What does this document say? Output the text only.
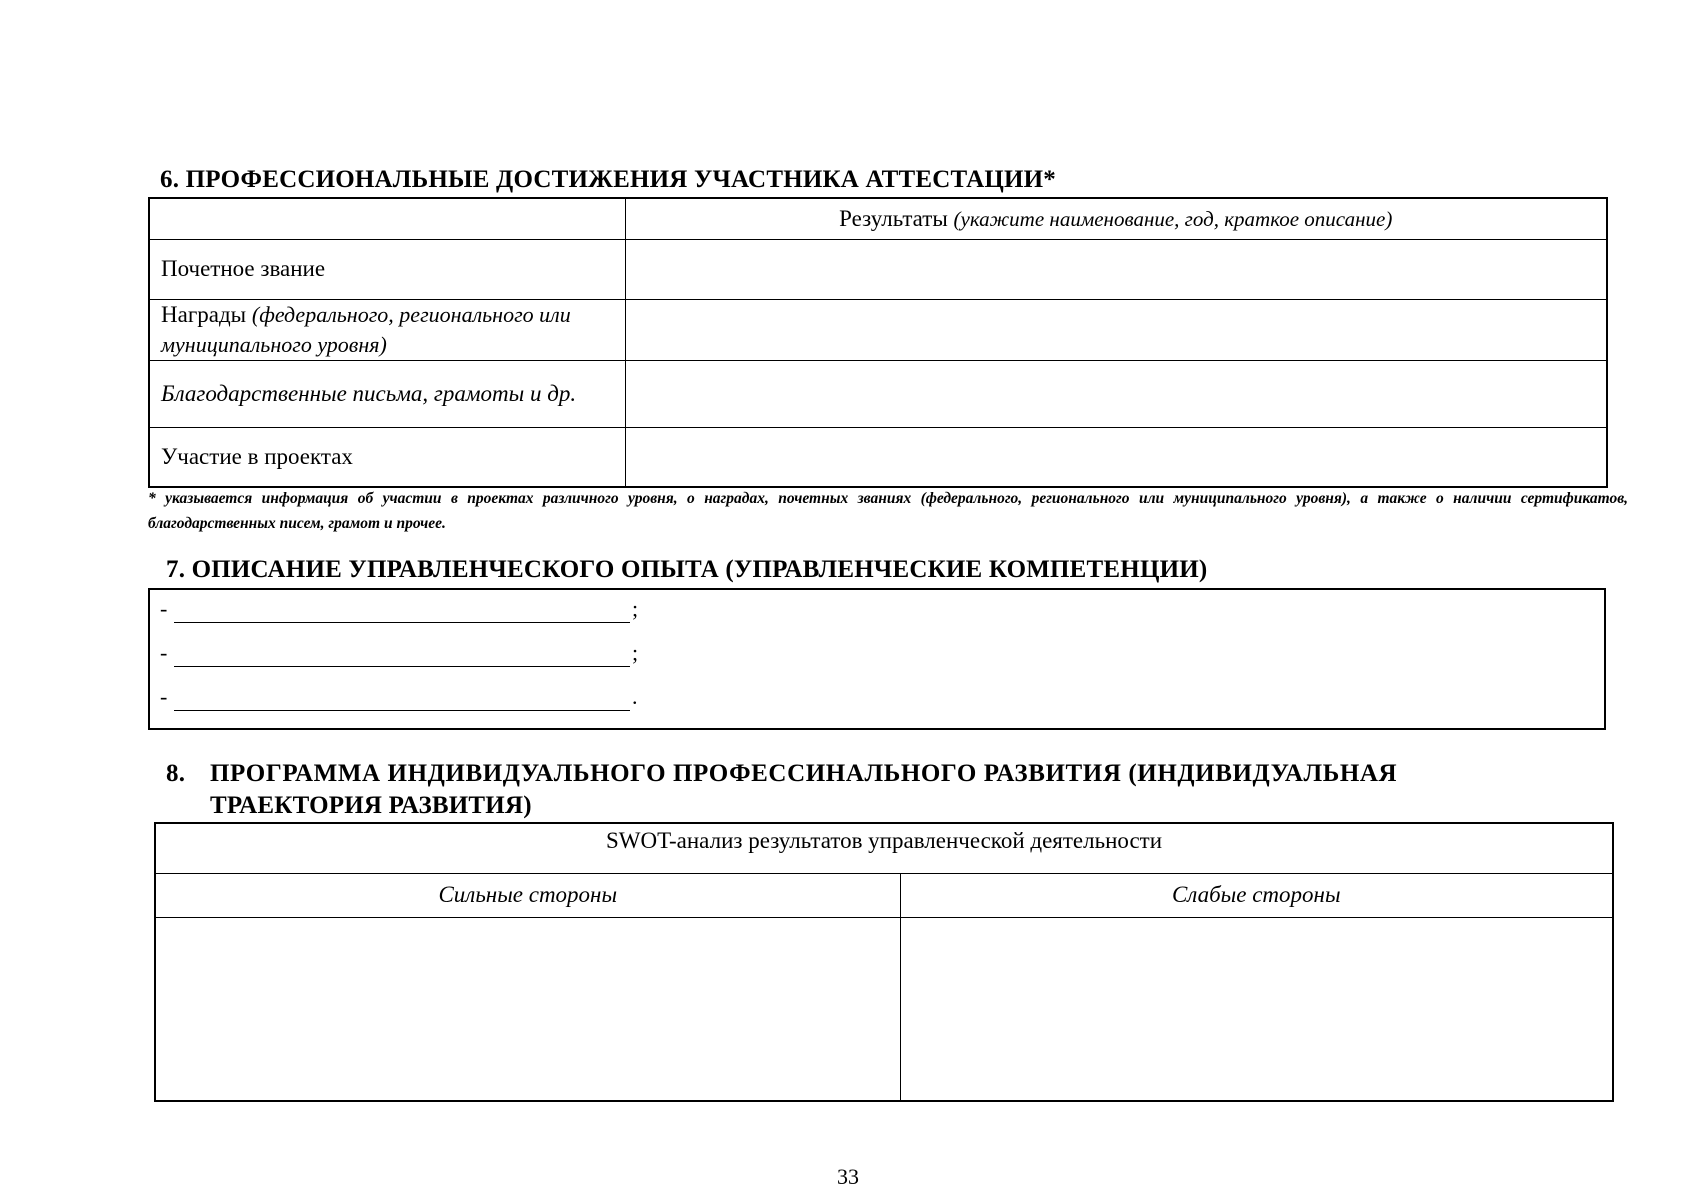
6. ПРОФЕССИОНАЛЬНЫЕ ДОСТИЖЕНИЯ УЧАСТНИКА АТТЕСТАЦИИ*
	Результаты (укажите наименование, год, краткое описание)
Почетное звание	
Награды (федерального, регионального или муниципального уровня)	
Благодарственные письма, грамоты и др.	
Участие в проектах	
* указывается информация об участии в проектах различного уровня, о наградах, почетных званиях (федерального, регионального или муниципального уровня), а также о наличии сертификатов, благодарственных писем, грамот и прочее.
7. ОПИСАНИЕ УПРАВЛЕНЧЕСКОГО ОПЫТА (УПРАВЛЕНЧЕСКИЕ КОМПЕТЕНЦИИ)
-	;
-	;
-	.
8. ПРОГРАММА ИНДИВИДУАЛЬНОГО ПРОФЕССИНАЛЬНОГО РАЗВИТИЯ (ИНДИВИДУАЛЬНАЯ
ТРАЕКТОРИЯ РАЗВИТИЯ)
SWOT-анализ результатов управленческой деятельности	
Сильные стороны	Слабые стороны

33
